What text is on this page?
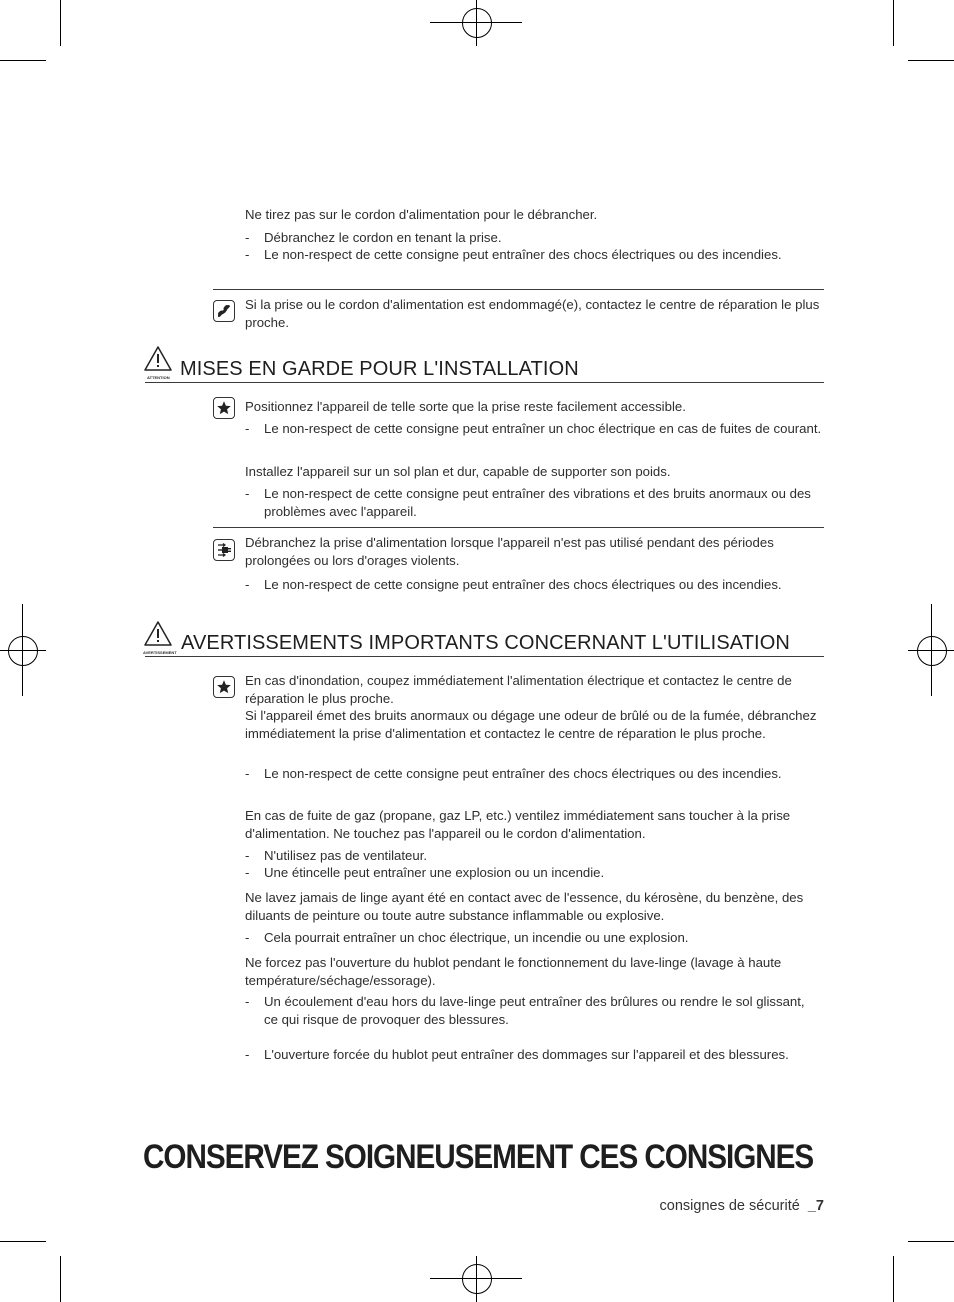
Ne tirez pas sur le cordon d'alimentation pour le débrancher.

- Débranchez le cordon en tenant la prise.
- Le non-respect de cette consigne peut entraîner des chocs électriques ou des incendies.

Si la prise ou le cordon d'alimentation est endommagé(e), contactez le centre de réparation le plus proche.

ATTENTION MISES EN GARDE POUR L'INSTALLATION

Positionnez l'appareil de telle sorte que la prise reste facilement accessible.

- Le non-respect de cette consigne peut entraîner un choc électrique en cas de fuites de courant.

Installez l'appareil sur un sol plan et dur, capable de supporter son poids.

- Le non-respect de cette consigne peut entraîner des vibrations et des bruits anormaux ou des problèmes avec l'appareil.

Débranchez la prise d'alimentation lorsque l'appareil n'est pas utilisé pendant des périodes prolongées ou lors d'orages violents.

- Le non-respect de cette consigne peut entraîner des chocs électriques ou des incendies.
AVERTISSEMENT AVERTISSEMENTS IMPORTANTS CONCERNANT L'UTILISATION

En cas d'inondation, coupez immédiatement l'alimentation électrique et contactez le centre de réparation le plus proche.

Si l'appareil émet des bruits anormaux ou dégage une odeur de brûlé ou de la fumée, débranchez immédiatement la prise d'alimentation et contactez le centre de réparation le plus proche.

- Le non-respect de cette consigne peut entraîner des chocs électriques ou des incendies.

En cas de fuite de gaz (propane, gaz LP, etc.) ventilez immédiatement sans toucher à la prise d'alimentation. Ne touchez pas l'appareil ou le cordon d'alimentation.

- N'utilisez pas de ventilateur.
- Une étincelle peut entraîner une explosion ou un incendie.

Ne lavez jamais de linge ayant été en contact avec de l'essence, du kérosène, du benzène, des diluants de peinture ou toute autre substance inflammable ou explosive.

- Cela pourrait entraîner un choc électrique, un incendie ou une explosion.

Ne forcez pas l'ouverture du hublot pendant le fonctionnement du lave-linge (lavage à haute température/séchage/essorage).

- Un écoulement d'eau hors du lave-linge peut entraîner des brûlures ou rendre le sol glissant,
ce qui risque de provoquer des blessures.
- L'ouverture forcée du hublot peut entraîner des dommages sur l'appareil et des blessures.
CONSERVEZ SOIGNEUSEMENT CES CONSIGNES
consignes de sécurité _7
